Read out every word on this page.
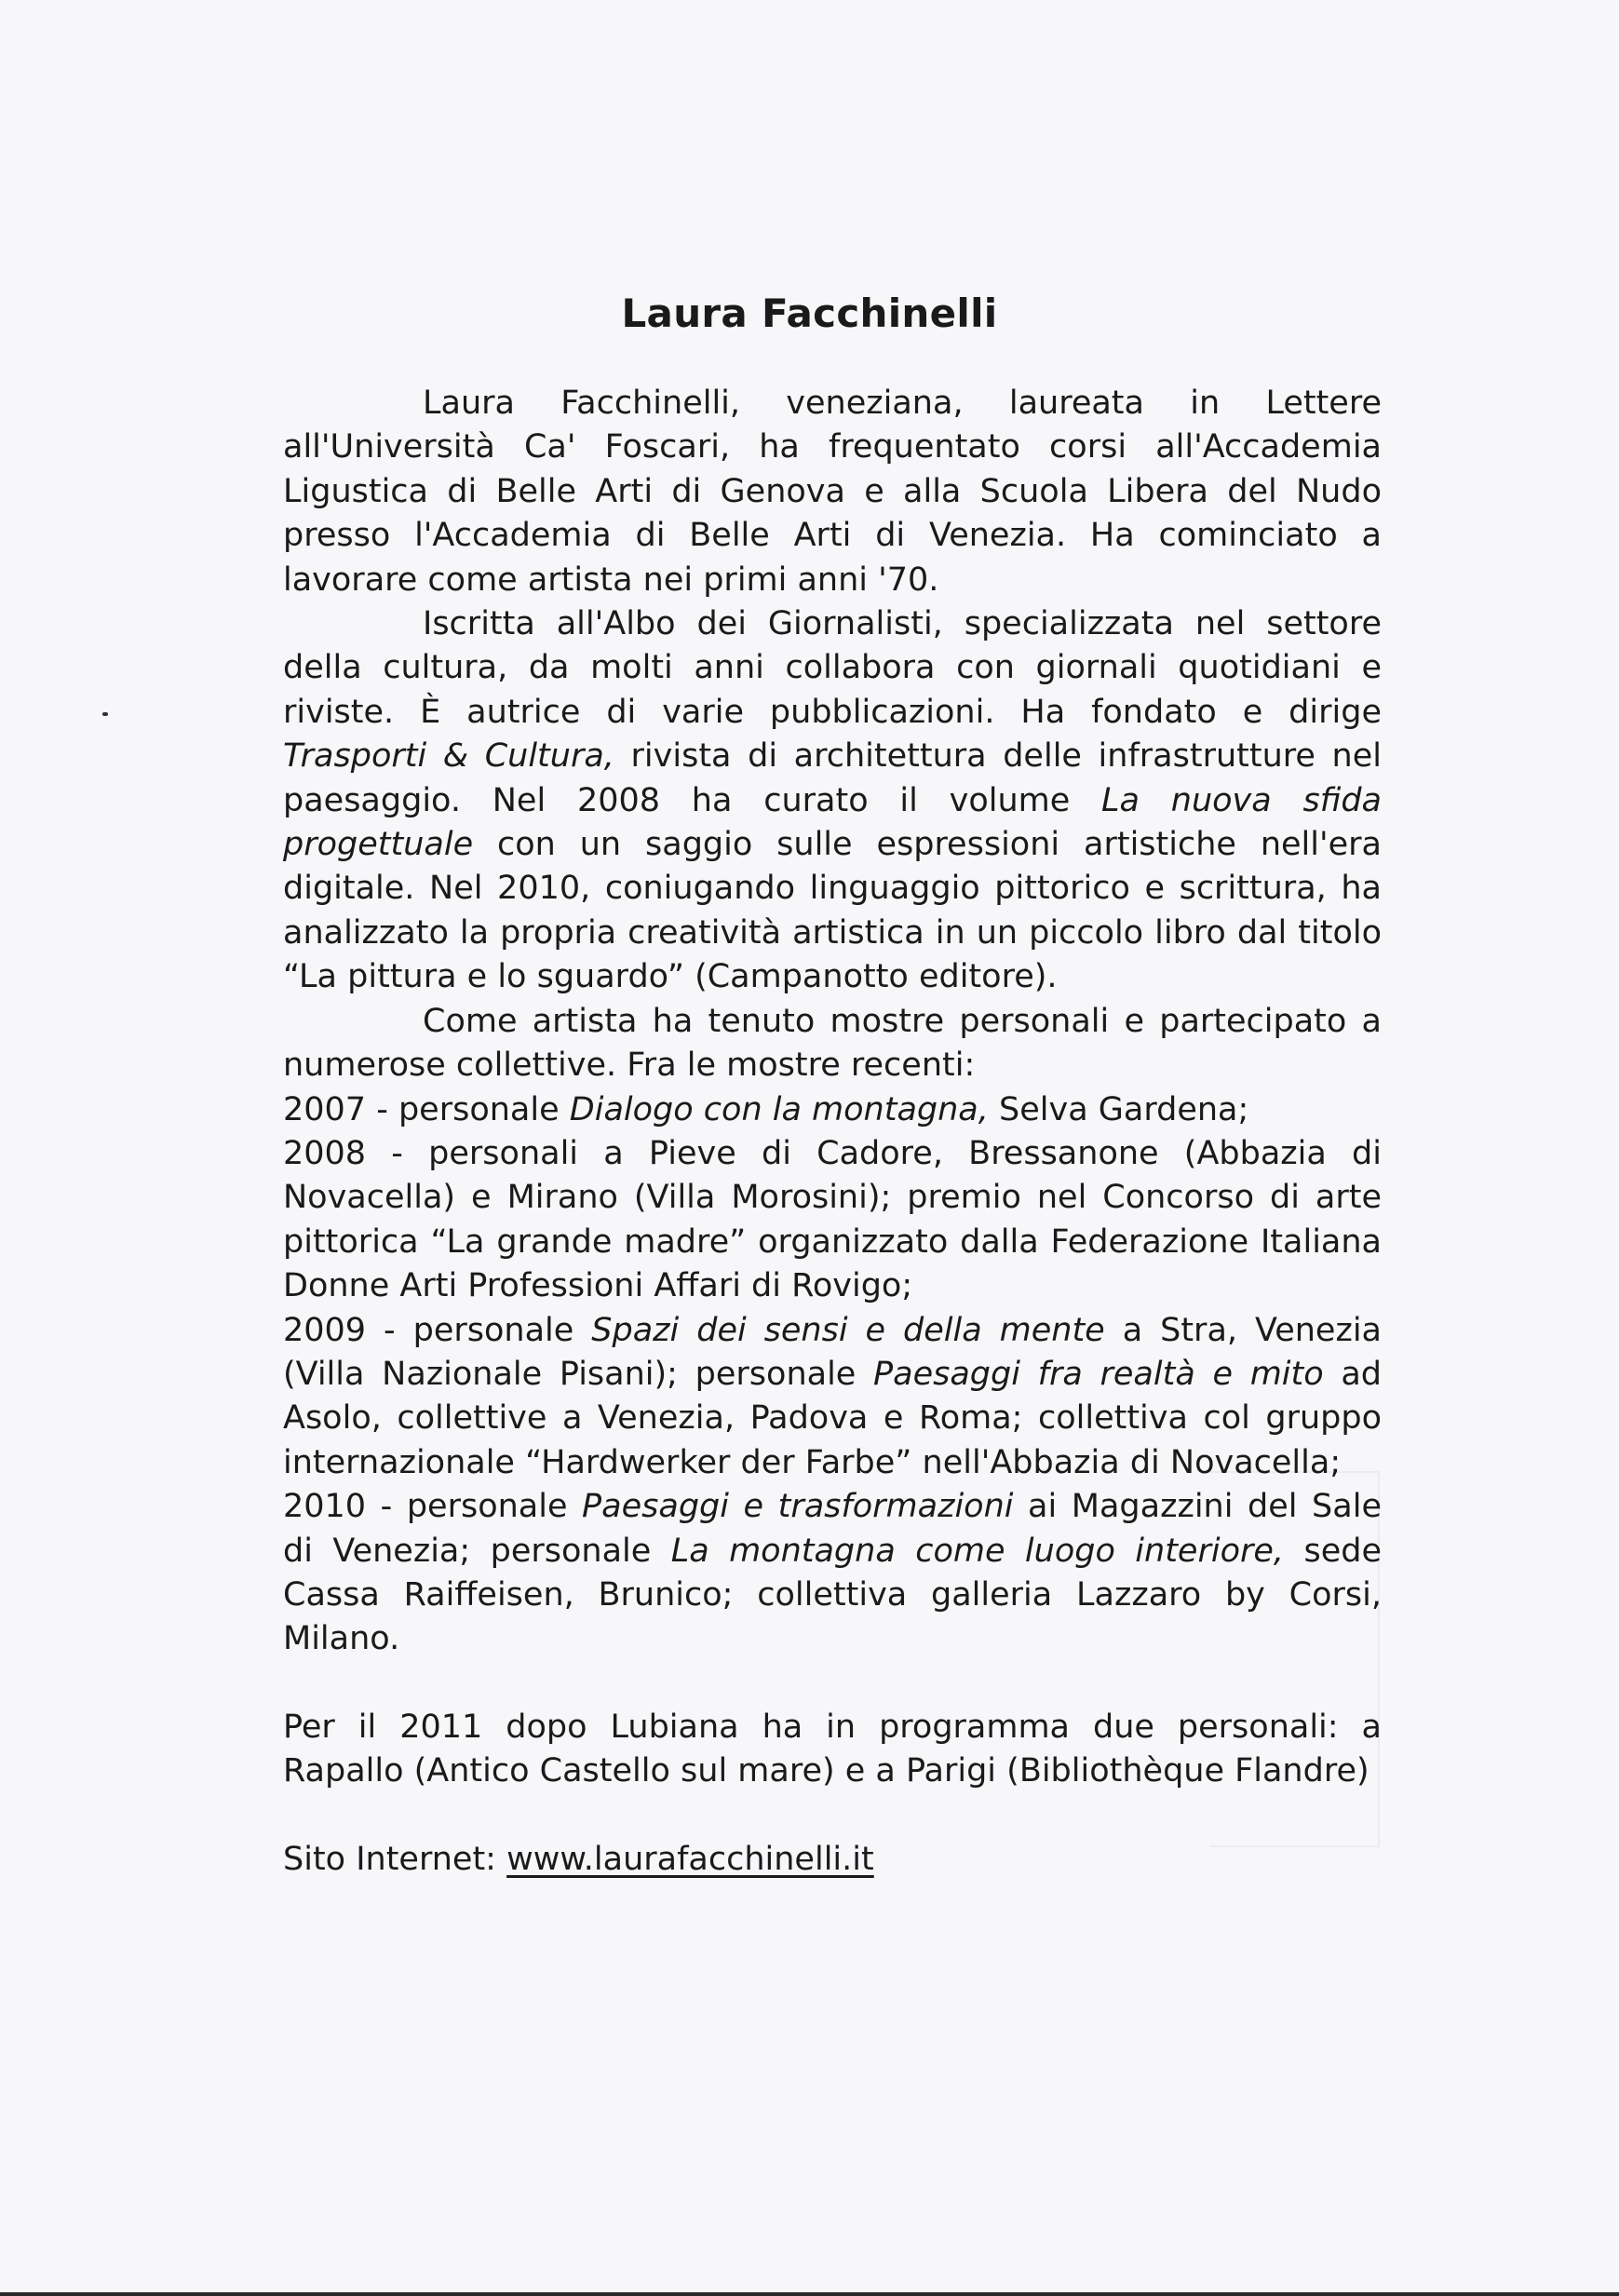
Laura Facchinelli

Laura Facchinelli, veneziana, laureata in Lettere all'Università Ca' Foscari, ha frequentato corsi all'Accademia Ligustica di Belle Arti di Genova e alla Scuola Libera del Nudo presso l'Accademia di Belle Arti di Venezia. Ha cominciato a lavorare come artista nei primi anni '70.

Iscritta all'Albo dei Giornalisti, specializzata nel settore della cultura, da molti anni collabora con giornali quotidiani e riviste. È autrice di varie pubblicazioni. Ha fondato e dirige Trasporti & Cultura, rivista di architettura delle infrastrutture nel paesaggio. Nel 2008 ha curato il volume La nuova sfida progettuale con un saggio sulle espressioni artistiche nell'era digitale. Nel 2010, coniugando linguaggio pittorico e scrittura, ha analizzato la propria creatività artistica in un piccolo libro dal titolo “La pittura e lo sguardo” (Campanotto editore).

Come artista ha tenuto mostre personali e partecipato a numerose collettive. Fra le mostre recenti:

2007 - personale Dialogo con la montagna, Selva Gardena;

2008 - personali a Pieve di Cadore, Bressanone (Abbazia di Novacella) e Mirano (Villa Morosini); premio nel Concorso di arte pittorica “La grande madre” organizzato dalla Federazione Italiana Donne Arti Professioni Affari di Rovigo;

2009 - personale Spazi dei sensi e della mente a Stra, Venezia (Villa Nazionale Pisani); personale Paesaggi fra realtà e mito ad Asolo, collettive a Venezia, Padova e Roma; collettiva col gruppo internazionale “Hardwerker der Farbe” nell'Abbazia di Novacella;

2010 - personale Paesaggi e trasformazioni ai Magazzini del Sale di Venezia; personale La montagna come luogo interiore, sede Cassa Raiffeisen, Brunico; collettiva galleria Lazzaro by Corsi, Milano.

Per il 2011 dopo Lubiana ha in programma due personali: a Rapallo (Antico Castello sul mare) e a Parigi (Bibliothèque Flandre)

Sito Internet: www.laurafacchinelli.it
